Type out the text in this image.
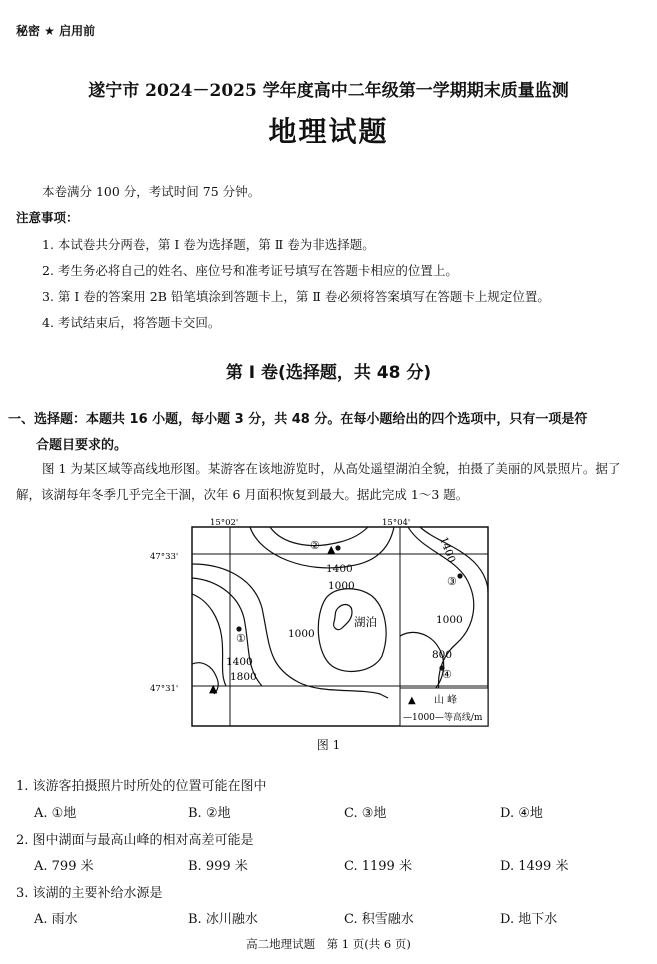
秘密 ★ 启用前
遂宁市 2024－2025 学年度高中二年级第一学期期末质量监测
地理试题
本卷满分 100 分，考试时间 75 分钟。
注意事项：
1. 本试卷共分两卷，第 Ⅰ 卷为选择题，第 Ⅱ 卷为非选择题。
2. 考生务必将自己的姓名、座位号和准考证号填写在答题卡相应的位置上。
3. 第 Ⅰ 卷的答案用 2B 铅笔填涂到答题卡上，第 Ⅱ 卷必须将答案填写在答题卡上规定位置。
4. 考试结束后，将答题卡交回。
第 Ⅰ 卷(选择题，共 48 分)
一、选择题：本题共 16 小题，每小题 3 分，共 48 分。在每小题给出的四个选项中，只有一项是符
合题目要求的。
图 1 为某区域等高线地形图。某游客在该地游览时，从高处遥望湖泊全貌，拍摄了美丽的风景照片。据了解，该湖每年冬季几乎完全干涸，次年 6 月面积恢复到最大。据此完成 1～3 题。
▲
▲
15°02'	15°04'
47°33'
47°31'
1400
1000
1400
1000
1000
1400
1800
800
②
①
③
④
湖泊
▲ 山 峰
—1000—等高线/m
图 1
1. 该游客拍摄照片时所处的位置可能在图中
A. ①地	B. ②地	C. ③地	D. ④地
2. 图中湖面与最高山峰的相对高差可能是
A. 799 米	B. 999 米	C. 1199 米	D. 1499 米
3. 该湖的主要补给水源是
A. 雨水	B. 冰川融水	C. 积雪融水	D. 地下水
高二地理试题　第 1 页(共 6 页)
